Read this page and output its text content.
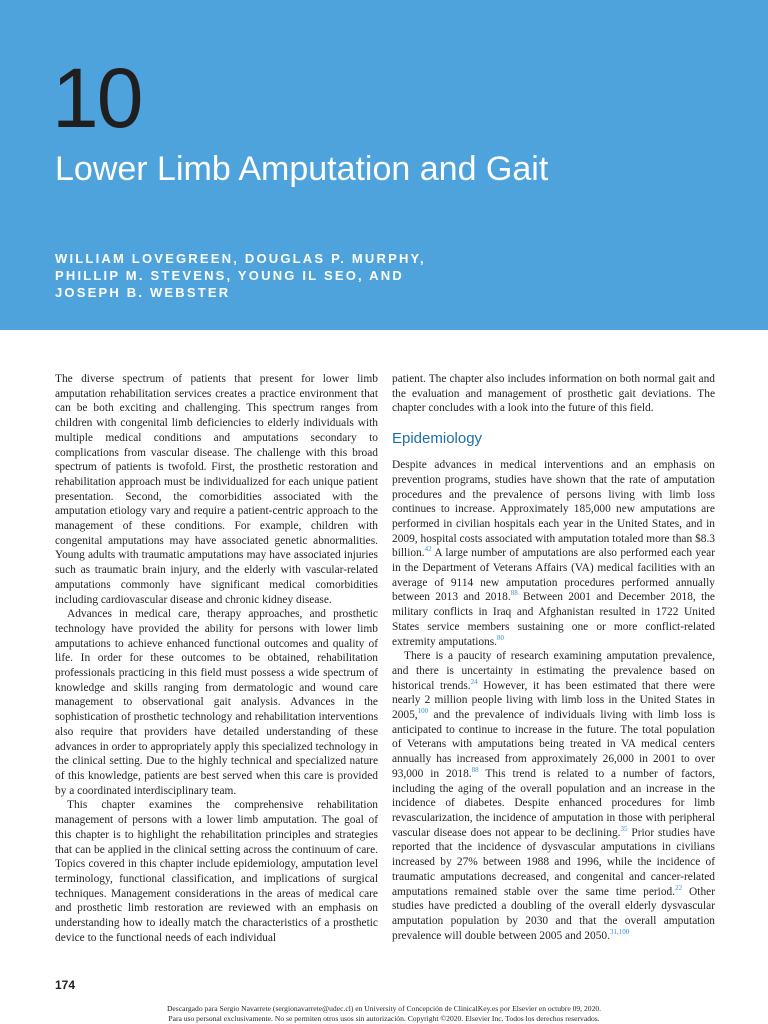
10
Lower Limb Amputation and Gait
WILLIAM LOVEGREEN, DOUGLAS P. MURPHY,
PHILLIP M. STEVENS, YOUNG IL SEO, AND
JOSEPH B. WEBSTER

The diverse spectrum of patients that present for lower limb amputation rehabilitation services creates a practice environment that can be both exciting and challenging. This spectrum ranges from children with congenital limb deficiencies to elderly individuals with multiple medical conditions and amputations secondary to complications from vascular disease. The challenge with this broad spectrum of patients is twofold. First, the prosthetic restoration and rehabilitation approach must be individualized for each unique patient presentation. Second, the comorbidities associated with the amputation etiology vary and require a patient-centric approach to the management of these conditions. For example, children with congenital amputations may have associated genetic abnormalities. Young adults with traumatic amputations may have associated injuries such as traumatic brain injury, and the elderly with vascular-related amputations commonly have significant medical comorbidities including cardiovascular disease and chronic kidney disease.

Advances in medical care, therapy approaches, and prosthetic technology have provided the ability for persons with lower limb amputations to achieve enhanced functional outcomes and quality of life. In order for these outcomes to be obtained, rehabilitation professionals practicing in this field must possess a wide spectrum of knowledge and skills ranging from dermatologic and wound care management to observational gait analysis. Advances in the sophistication of prosthetic technology and rehabilitation interventions also require that providers have detailed understanding of these advances in order to appropriately apply this specialized technology in the clinical setting. Due to the highly technical and specialized nature of this knowledge, patients are best served when this care is provided by a coordinated interdisciplinary team.

This chapter examines the comprehensive rehabilitation management of persons with a lower limb amputation. The goal of this chapter is to highlight the rehabilitation principles and strategies that can be applied in the clinical setting across the continuum of care. Topics covered in this chapter include epidemiology, amputation level terminology, functional classification, and implications of surgical techniques. Management considerations in the areas of medical care and prosthetic limb restoration are reviewed with an emphasis on understanding how to ideally match the characteristics of a prosthetic device to the functional needs of each individual

patient. The chapter also includes information on both normal gait and the evaluation and management of prosthetic gait deviations. The chapter concludes with a look into the future of this field.

Epidemiology

Despite advances in medical interventions and an emphasis on prevention programs, studies have shown that the rate of amputation procedures and the prevalence of persons living with limb loss continues to increase. Approximately 185,000 new amputations are performed in civilian hospitals each year in the United States, and in 2009, hospital costs associated with amputation totaled more than $8.3 billion.$^{42}$ A large number of amputations are also performed each year in the Department of Veterans Affairs (VA) medical facilities with an average of 9114 new amputation procedures performed annually between 2013 and 2018.88 Between 2001 and December 2018, the military conflicts in Iraq and Afghanistan resulted in 1722 United States service members sustaining one or more conflict-related extremity amputations.$^{80}$

There is a paucity of research examining amputation prevalence, and there is uncertainty in estimating the prevalence based on historical trends.$^{24}$ However, it has been estimated that there were nearly 2 million people living with limb loss in the United States in 2005,$^{100}$ and the prevalence of individuals living with limb loss is anticipated to continue to increase in the future. The total population of Veterans with amputations being treated in VA medical centers annually has increased from approximately 26,000 in 2001 to over 93,000 in 2018.88 This trend is related to a number of factors, including the aging of the overall population and an increase in the incidence of diabetes. Despite enhanced procedures for limb revascularization, the incidence of amputation in those with peripheral vascular disease does not appear to be declining.$^{35}$ Prior studies have reported that the incidence of dysvascular amputations in civilians increased by 27% between 1988 and 1996, while the incidence of traumatic amputations decreased, and congenital and cancer-related amputations remained stable over the same time period.$^{22}$ Other studies have predicted a doubling of the overall elderly dysvascular amputation population by 2030 and that the overall amputation prevalence will double between 2005 and 2050.$^{31,100}$

174
Descargado para Sergio Navarrete (sergionavarrete@udec.cl) en University of Concepción de ClinicalKey.es por Elsevier en octubre 09, 2020.
Para uso personal exclusivamente. No se permiten otros usos sin autorización. Copyright ©2020. Elsevier Inc. Todos los derechos reservados.
